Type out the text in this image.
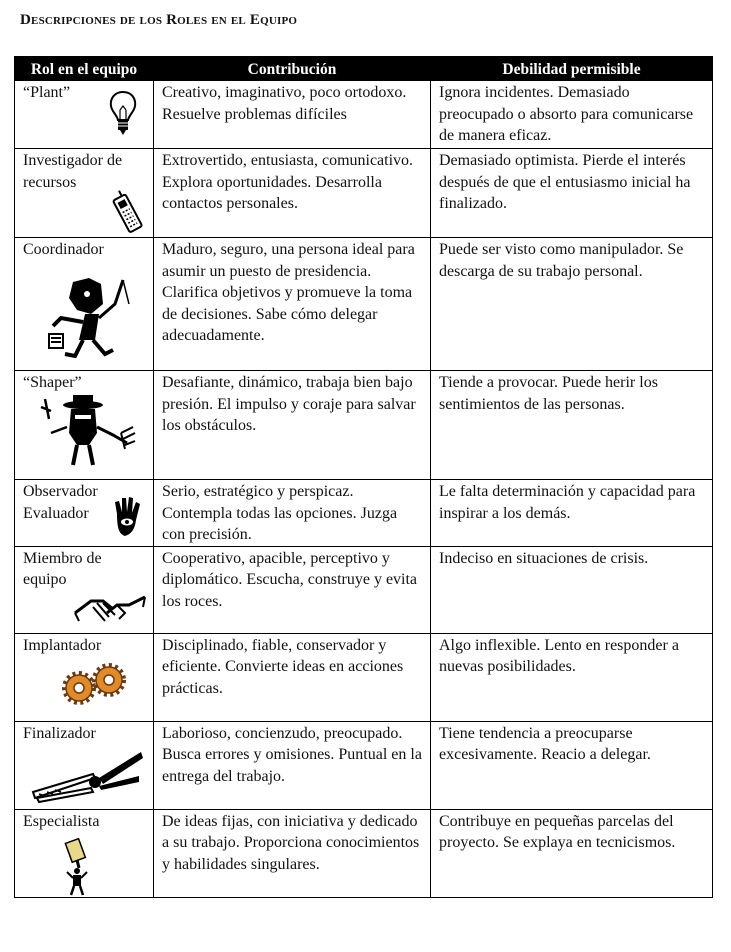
Descripciones de los Roles en el Equipo
Rol en el equipo	Contribución	Debilidad permisible
“Plant”	Creativo, imaginativo, poco ortodoxo. Resuelve problemas difíciles	Ignora incidentes. Demasiado preocupado o absorto para comunicarse de manera eficaz.
Investigador de recursos	Extrovertido, entusiasta, comunicativo. Explora oportunidades. Desarrolla contactos personales.	Demasiado optimista. Pierde el interés después de que el entusiasmo inicial ha finalizado.
Coordinador	Maduro, seguro, una persona ideal para asumir un puesto de presidencia. Clarifica objetivos y promueve la toma de decisiones. Sabe cómo delegar adecuadamente.	Puede ser visto como manipulador. Se descarga de su trabajo personal.
“Shaper”	Desafiante, dinámico, trabaja bien bajo presión. El impulso y coraje para salvar los obstáculos.	Tiende a provocar. Puede herir los sentimientos de las personas.
Observador Evaluador	Serio, estratégico y perspicaz. Contempla todas las opciones. Juzga con precisión.	Le falta determinación y capacidad para inspirar a los demás.
Miembro de equipo	Cooperativo, apacible, perceptivo y diplomático. Escucha, construye y evita los roces.	Indeciso en situaciones de crisis.
Implantador	Disciplinado, fiable, conservador y eficiente. Convierte ideas en acciones prácticas.	Algo inflexible. Lento en responder a nuevas posibilidades.
Finalizador	Laborioso, concienzudo, preocupado. Busca errores y omisiones. Puntual en la entrega del trabajo.	Tiene tendencia a preocuparse excesivamente. Reacio a delegar.
Especialista	De ideas fijas, con iniciativa y dedicado a su trabajo. Proporciona conocimientos y habilidades singulares.	Contribuye en pequeñas parcelas del proyecto. Se explaya en tecnicismos.
